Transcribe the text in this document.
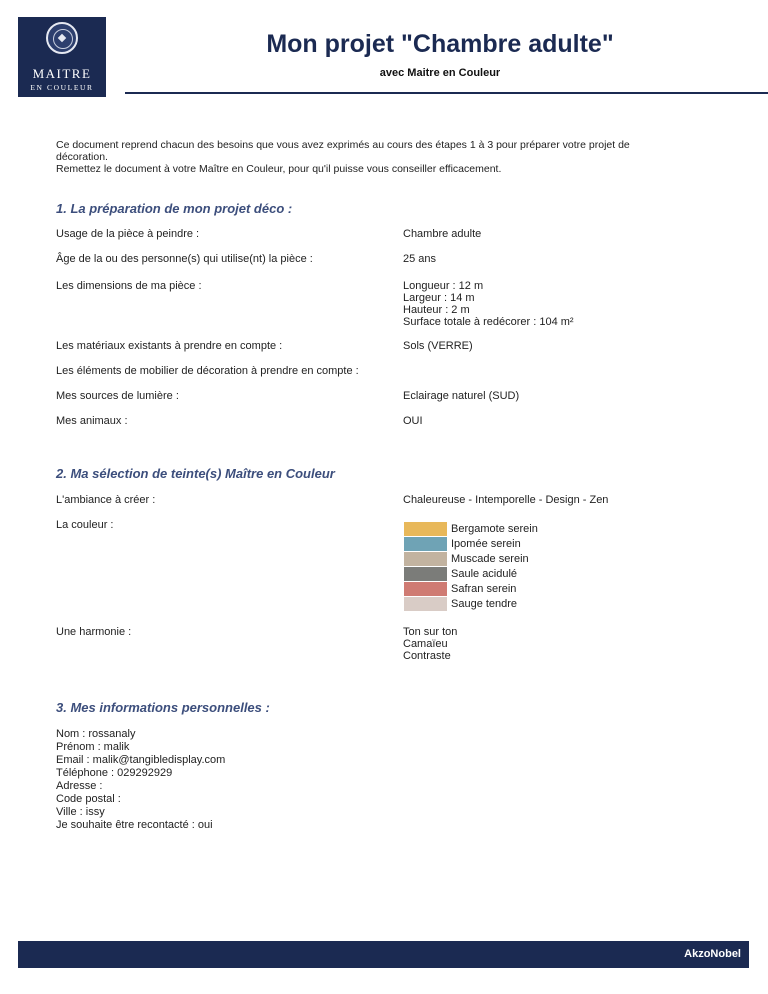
MAITRE
EN COULEUR
Mon projet "Chambre adulte"
avec Maitre en Couleur
Ce document reprend chacun des besoins que vous avez exprimés au cours des étapes 1 à 3 pour préparer votre projet de
décoration.
Remettez le document à votre Maître en Couleur, pour qu'il puisse vous conseiller efficacement.
1. La préparation de mon projet déco :
Usage de la pièce à peindre :	Chambre adulte
Âge de la ou des personne(s) qui utilise(nt) la pièce :	25 ans
Les dimensions de ma pièce :	Longueur : 12 m
Largeur : 14 m
Hauteur : 2 m
Surface totale à redécorer : 104 m²
Les matériaux existants à prendre en compte :	Sols (VERRE)
Les éléments de mobilier de décoration à prendre en compte :
Mes sources de lumière :	Eclairage naturel (SUD)
Mes animaux :	OUI
2. Ma sélection de teinte(s) Maître en Couleur
L'ambiance à créer :	Chaleureuse - Intemporelle - Design - Zen
La couleur :	Bergamote serein
Ipomée serein
Muscade serein
Saule acidulé
Safran serein
Sauge tendre
Une harmonie :	Ton sur ton
Camaïeu
Contraste
3. Mes informations personnelles :
Nom : rossanaly
Prénom : malik
Email : malik@tangibledisplay.com
Téléphone : 029292929
Adresse :
Code postal :
Ville : issy
Je souhaite être recontacté : oui
AkzoNobel
